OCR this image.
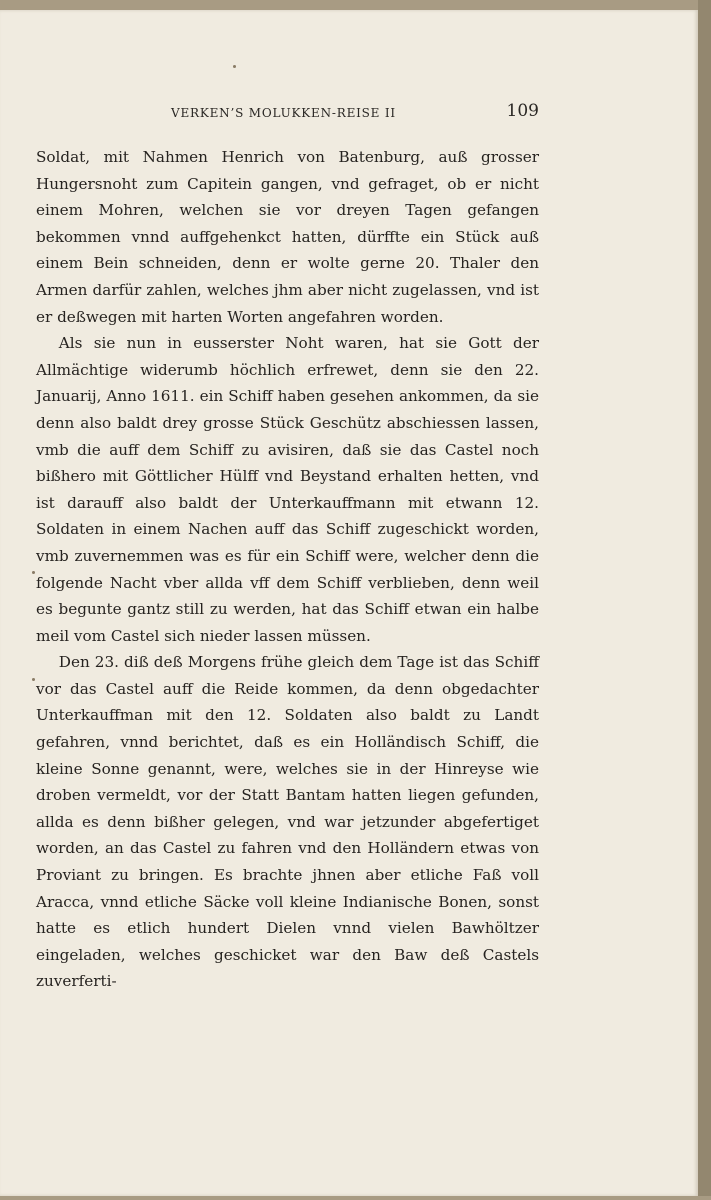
VERKEN’S MOLUKKEN-REISE II	109

Soldat, mit Nahmen Henrich von Batenburg, auß grosser Hungersnoht zum Capitein gangen, vnd gefraget, ob er nicht einem Mohren, welchen sie vor dreyen Tagen gefangen bekommen vnnd auffgehenkct hatten, dürffte ein Stück auß einem Bein schneiden, denn er wolte gerne 20. Thaler den Armen darfür zahlen, welches jhm aber nicht zugelassen, vnd ist er deßwegen mit harten Worten angefahren worden.

Als sie nun in eusserster Noht waren, hat sie Gott der Allmächtige widerumb höchlich erfrewet, denn sie den 22. Januarij, Anno 1611. ein Schiff haben gesehen ankommen, da sie denn also baldt drey grosse Stück Geschütz abschiessen lassen, vmb die auff dem Schiff zu avisiren, daß sie das Castel noch bißhero mit Göttlicher Hülff vnd Beystand erhalten hetten, vnd ist darauff also baldt der Unterkauffmann mit etwann 12. Soldaten in einem Nachen auff das Schiff zugeschickt worden, vmb zuvernemmen was es für ein Schiff were, welcher denn die folgende Nacht vber allda vff dem Schiff verblieben, denn weil es begunte gantz still zu werden, hat das Schiff etwan ein halbe meil vom Castel sich nieder lassen müssen.

Den 23. diß deß Morgens frühe gleich dem Tage ist das Schiff vor das Castel auff die Reide kommen, da denn obgedachter Unterkauffman mit den 12. Soldaten also baldt zu Landt gefahren, vnnd berichtet, daß es ein Holländisch Schiff, die kleine Sonne genannt, were, welches sie in der Hinreyse wie droben vermeldt, vor der Statt Bantam hatten liegen gefunden, allda es denn bißher gelegen, vnd war jetzunder abgefertiget worden, an das Castel zu fahren vnd den Holländern etwas von Proviant zu bringen. Es brachte jhnen aber etliche Faß voll Aracca, vnnd etliche Säcke voll kleine Indianische Bonen, sonst hatte es etlich hundert Dielen vnnd vielen Bawhöltzer eingeladen, welches geschicket war den Baw deß Castels zuverferti-
